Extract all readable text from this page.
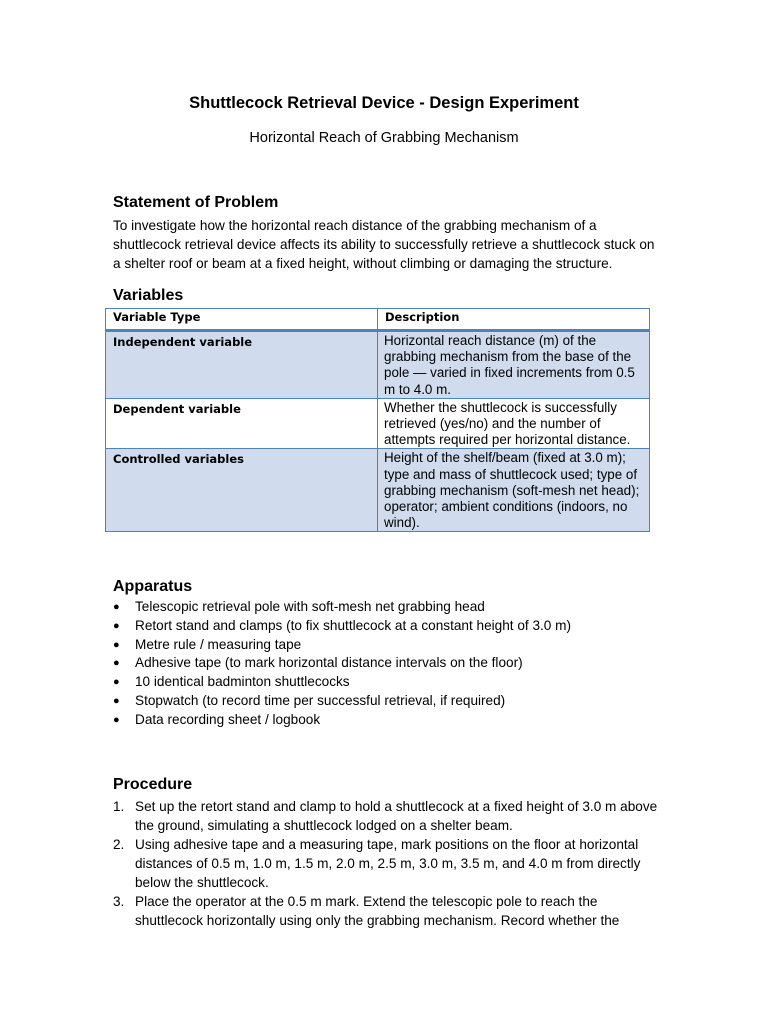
Shuttlecock Retrieval Device - Design Experiment
Horizontal Reach of Grabbing Mechanism
Statement of Problem
To investigate how the horizontal reach distance of the grabbing mechanism of a shuttlecock retrieval device affects its ability to successfully retrieve a shuttlecock stuck on a shelter roof or beam at a fixed height, without climbing or damaging the structure.
Variables
Variable Type	Description
Independent variable	Horizontal reach distance (m) of the grabbing mechanism from the base of the pole — varied in fixed increments from 0.5 m to 4.0 m.
Dependent variable	Whether the shuttlecock is successfully retrieved (yes/no) and the number of attempts required per horizontal distance.
Controlled variables	Height of the shelf/beam (fixed at 3.0 m); type and mass of shuttlecock used; type of grabbing mechanism (soft-mesh net head); operator; ambient conditions (indoors, no wind).
Apparatus
● Telescopic retrieval pole with soft-mesh net grabbing head
● Retort stand and clamps (to fix shuttlecock at a constant height of 3.0 m)
● Metre rule / measuring tape
● Adhesive tape (to mark horizontal distance intervals on the floor)
● 10 identical badminton shuttlecocks
● Stopwatch (to record time per successful retrieval, if required)
● Data recording sheet / logbook
Procedure
1. Set up the retort stand and clamp to hold a shuttlecock at a fixed height of 3.0 m above the ground, simulating a shuttlecock lodged on a shelter beam.
2. Using adhesive tape and a measuring tape, mark positions on the floor at horizontal distances of 0.5 m, 1.0 m, 1.5 m, 2.0 m, 2.5 m, 3.0 m, 3.5 m, and 4.0 m from directly below the shuttlecock.
3. Place the operator at the 0.5 m mark. Extend the telescopic pole to reach the shuttlecock horizontally using only the grabbing mechanism. Record whether the
